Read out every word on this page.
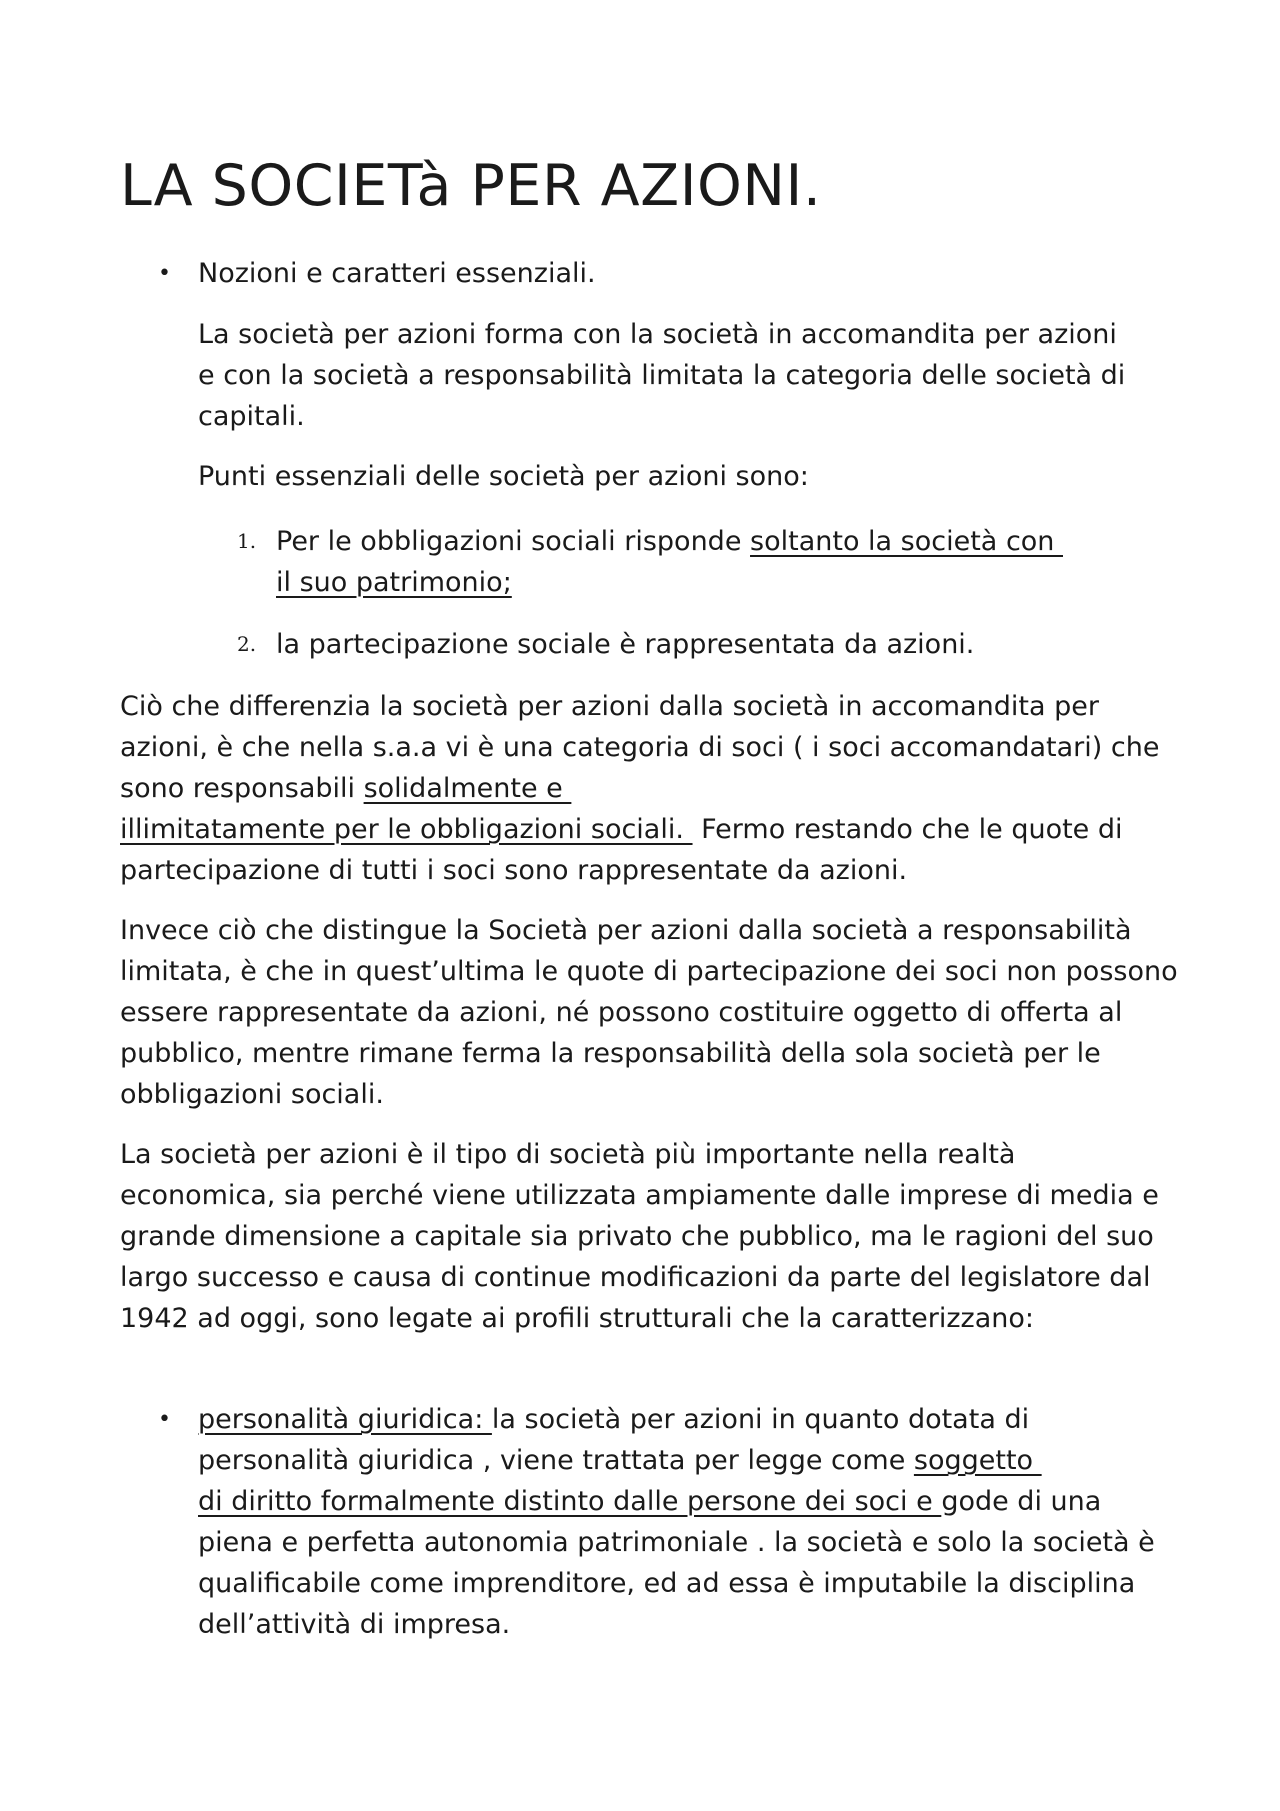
LA SOCIETà PER AZIONI.
• Nozioni e caratteri essenziali.

La società per azioni forma con la società in accomandita per azioni e con la società a responsabilità limitata la categoria delle società di capitali.

Punti essenziali delle società per azioni sono:

1. Per le obbligazioni sociali risponde soltanto la società con
il suo patrimonio;

2. la partecipazione sociale è rappresentata da azioni.

Ciò che differenzia la società per azioni dalla società in accomandita per azioni, è che nella s.a.a vi è una categoria di soci ( i soci accomandatari) che sono responsabili solidalmente e
illimitatamente per le obbligazioni sociali.  Fermo restando che le quote di partecipazione di tutti i soci sono rappresentate da azioni.

Invece ciò che distingue la Società per azioni dalla società a responsabilità limitata, è che in quest’ultima le quote di partecipazione dei soci non possono essere rappresentate da azioni, né possono costituire oggetto di offerta al pubblico, mentre rimane ferma la responsabilità della sola società per le obbligazioni sociali.

La società per azioni è il tipo di società più importante nella realtà economica, sia perché viene utilizzata ampiamente dalle imprese di media e grande dimensione a capitale sia privato che pubblico, ma le ragioni del suo largo successo e causa di continue modificazioni da parte del legislatore dal 1942 ad oggi, sono legate ai profili strutturali che la caratterizzano:

• personalità giuridica: la società per azioni in quanto dotata di personalità giuridica , viene trattata per legge come soggetto
di diritto formalmente distinto dalle persone dei soci e gode di una piena e perfetta autonomia patrimoniale . la società e solo la società è qualificabile come imprenditore, ed ad essa è imputabile la disciplina dell’attività di impresa.
